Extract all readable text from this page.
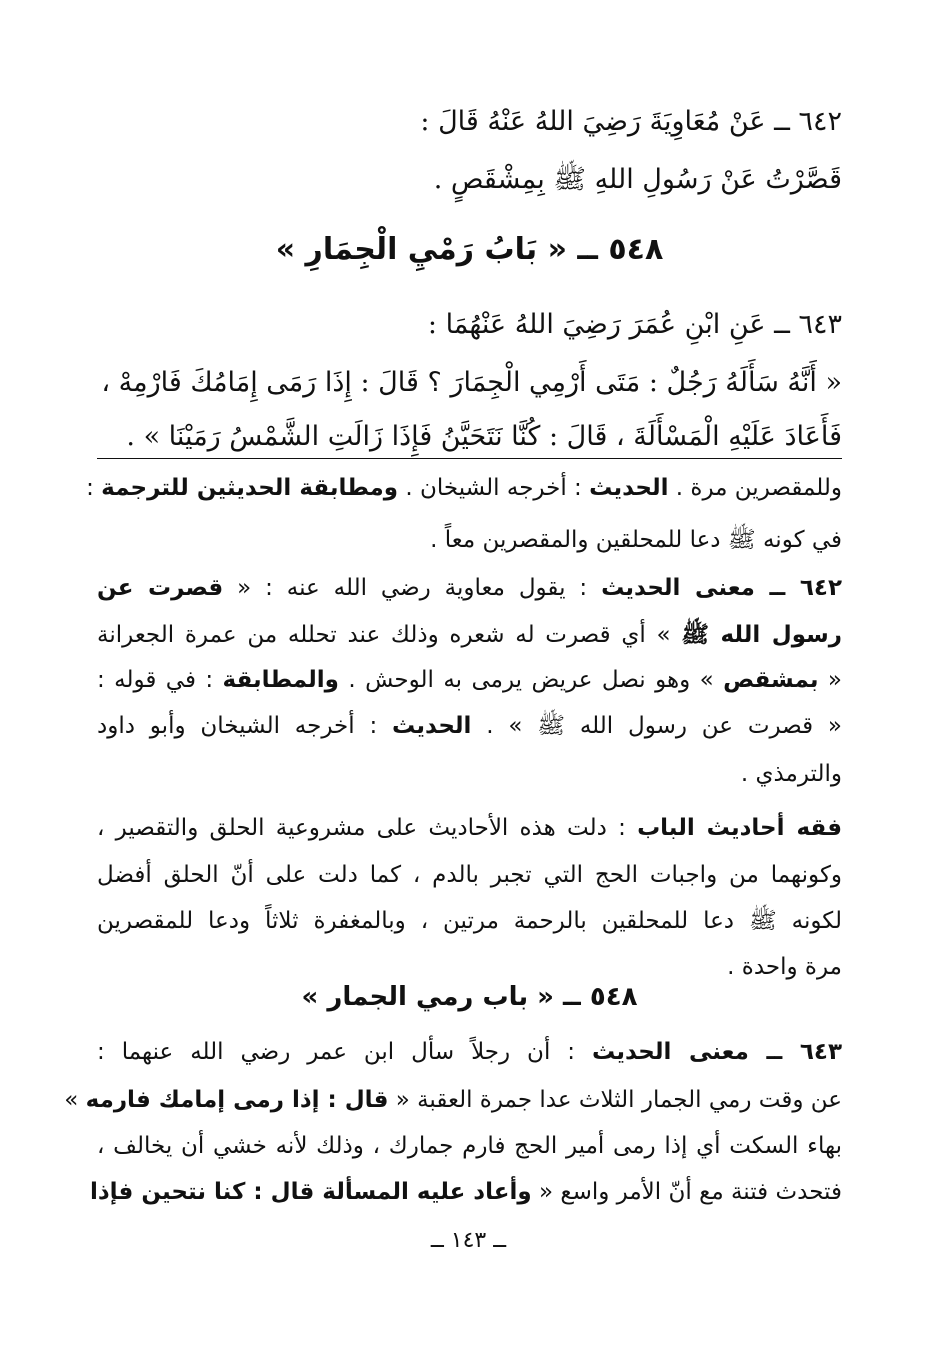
٦٤٢ ــ عَنْ مُعَاوِيَةَ رَضِيَ اللهُ عَنْهُ قَالَ :
قَصَّرْتُ عَنْ رَسُولِ اللهِ ﷺ بِمِشْقَصٍ .
٥٤٨ ــ « بَابُ رَمْيِ الْجِمَارِ »
٦٤٣ ــ عَنِ ابْنِ عُمَرَ رَضِيَ اللهُ عَنْهُمَا :
« أَنَّهُ سَأَلَهُ رَجُلٌ : مَتَى أَرْمِي الْجِمَارَ ؟ قَالَ : إِذَا رَمَى إِمَامُكَ فَارْمِهْ ،
فَأَعَادَ عَلَيْهِ الْمَسْأَلَةَ ، قَالَ : كُنَّا نَتَحَيَّنُ فَإِذَا زَالَتِ الشَّمْسُ رَمَيْنَا » .
وللمقصرين مرة . الحديث : أخرجه الشيخان . ومطابقة الحديثين للترجمة :
في كونه ﷺ دعا للمحلقين والمقصرين معاً .
٦٤٢ ــ معنى الحديث : يقول معاوية رضي الله عنه : « قصرت عن
رسول الله ﷺ » أي قصرت له شعره وذلك عند تحلله من عمرة الجعرانة
« بمشقص » وهو نصل عريض يرمى به الوحش . والمطابقة : في قوله :
« قصرت عن رسول الله ﷺ » . الحديث : أخرجه الشيخان وأبو داود
والترمذي .
فقه أحاديث الباب : دلت هذه الأحاديث على مشروعية الحلق والتقصير ،
وكونهما من واجبات الحج التي تجبر بالدم ، كما دلت على أنّ الحلق أفضل
لكونه ﷺ دعا للمحلقين بالرحمة مرتين ، وبالمغفرة ثلاثاً ودعا للمقصرين
مرة واحدة .
٥٤٨ ــ « باب رمي الجمار »
٦٤٣ ــ معنى الحديث : أن رجلاً سأل ابن عمر رضي الله عنهما :
عن وقت رمي الجمار الثلاث عدا جمرة العقبة « قال : إذا رمى إمامك فارمه »
بهاء السكت أي إذا رمى أمير الحج فارم جمارك ، وذلك لأنه خشي أن يخالف ،
فتحدث فتنة مع أنّ الأمر واسع « وأعاد عليه المسألة قال : كنا نتحين فإذا
ــ ١٤٣ ــ
